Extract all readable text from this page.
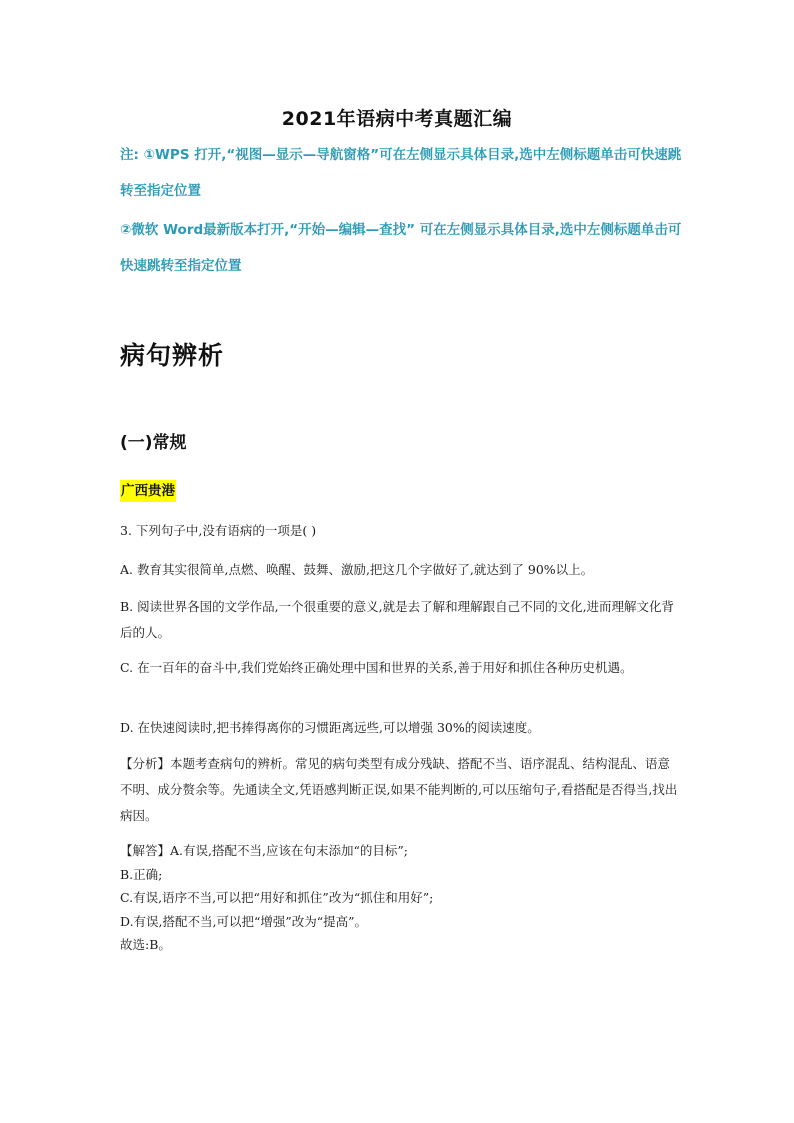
2021年语病中考真题汇编
注: ①WPS 打开,“视图—显示—导航窗格”可在左侧显示具体目录,选中左侧标题单击可快速跳转至指定位置
②微软 Word最新版本打开,“开始—编辑—查找” 可在左侧显示具体目录,选中左侧标题单击可快速跳转至指定位置
病句辨析
(一)常规
广西贵港
3. 下列句子中,没有语病的一项是( )
A. 教育其实很简单,点燃、唤醒、鼓舞、激励,把这几个字做好了,就达到了 90%以上。
B. 阅读世界各国的文学作品,一个很重要的意义,就是去了解和理解跟自己不同的文化,进而理解文化背后的人。
C. 在一百年的奋斗中,我们党始终正确处理中国和世界的关系,善于用好和抓住各种历史机遇。
D. 在快速阅读时,把书捧得离你的习惯距离远些,可以增强 30%的阅读速度。
【分析】本题考查病句的辨析。常见的病句类型有成分残缺、搭配不当、语序混乱、结构混乱、语意不明、成分赘余等。先通读全文,凭语感判断正误,如果不能判断的,可以压缩句子,看搭配是否得当,找出病因。
【解答】A.有误,搭配不当,应该在句末添加“的目标”;
B.正确;
C.有误,语序不当,可以把“用好和抓住”改为“抓住和用好”;
D.有误,搭配不当,可以把“增强”改为“提高”。
故选:B。
